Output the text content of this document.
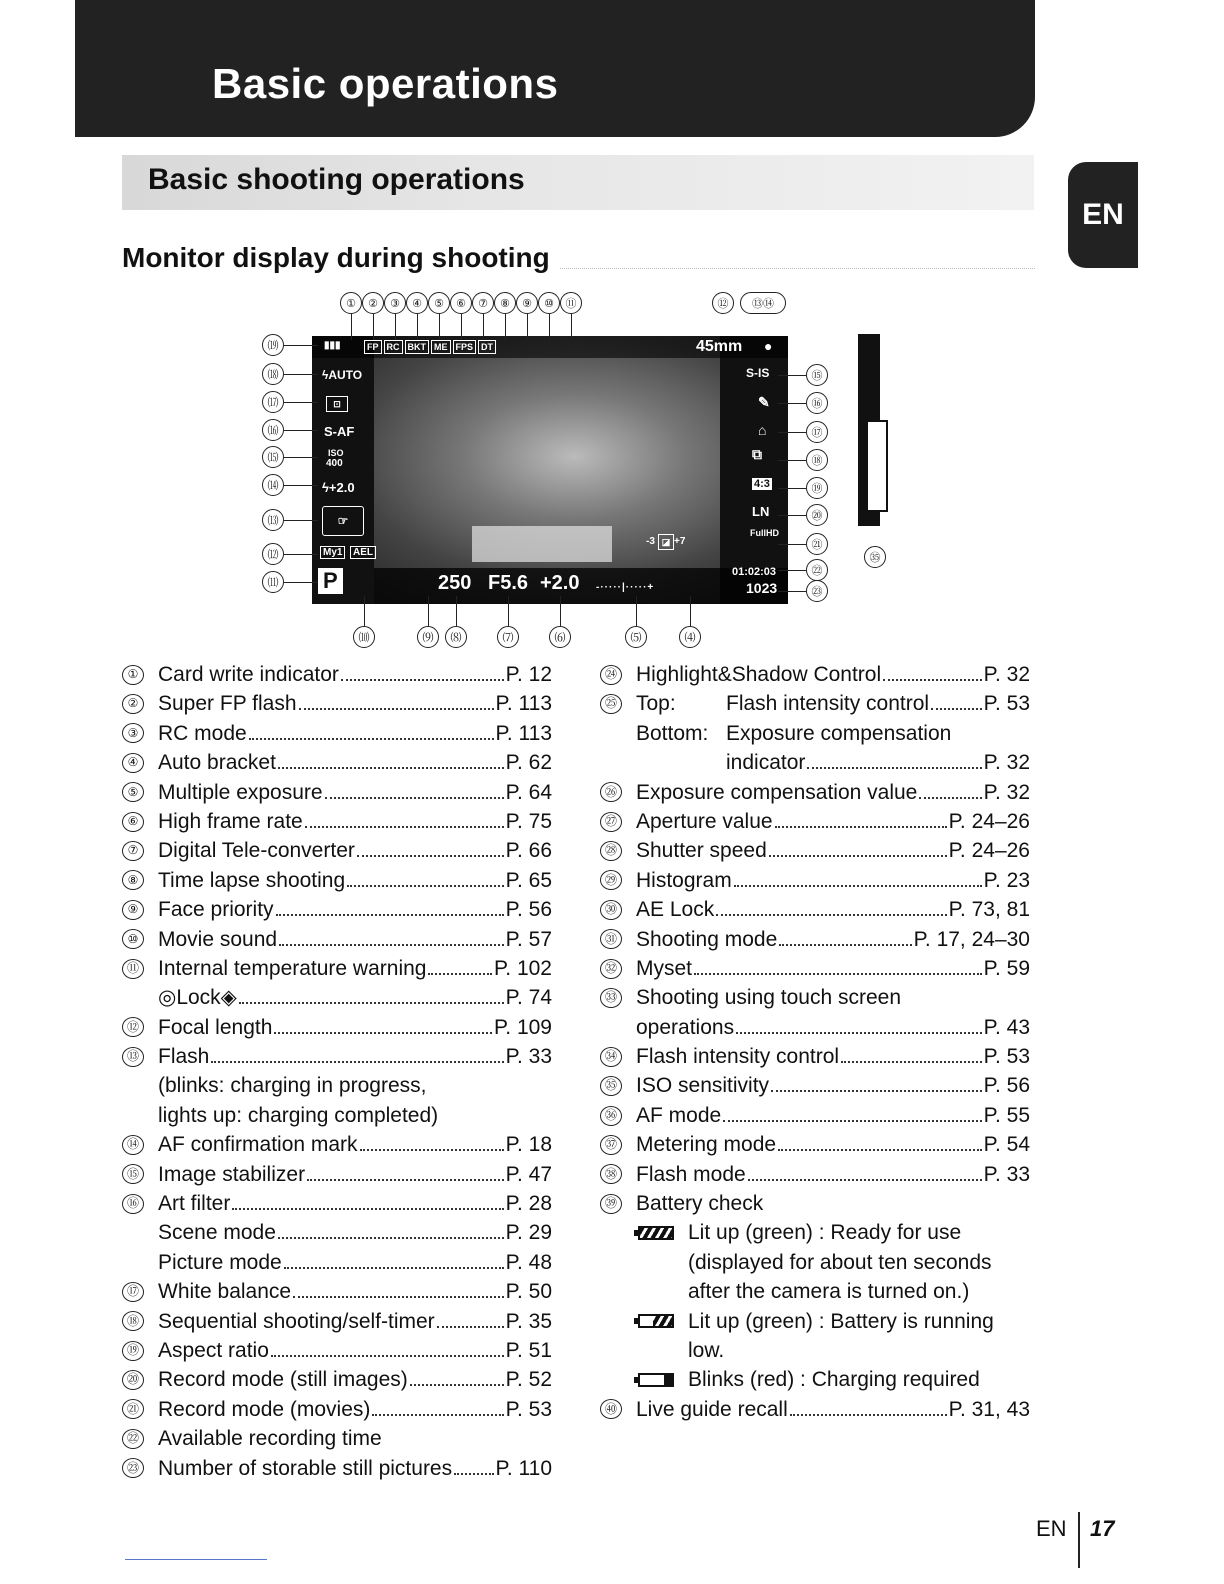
Basic operations
Basic shooting operations
EN
Monitor display during shooting
▮▮▮	FP RC BKT ME FPS DT	45mm ●
ϟAUTO
⊡
S-AF
ISO
400
ϟ+2.0
☞
My1	AEL
P	250 F5.6 +2.0 -·····|·····+
-3 ◪ +7
S-IS
✎
⌂
⧉
4:3
LN
FullHD
01:02:03
1023
①	②	③	④	⑤	⑥	⑦	⑧	⑨	⑩	⑪
⒆
⒅
⒄
⒃
⒂
⒁
⒀
⑿
⑾
⑮
⑯
⑰
⑱
⑲
⑳
㉑
㉒
㉓
⑽	⑼	⑻	⑺	⑹	⑸	⑷
⑫	⑬⑭
㉟
① Card write indicator	P. 12
② Super FP flash	P. 113
③ RC mode	P. 113
④ Auto bracket	P. 62
⑤ Multiple exposure	P. 64
⑥ High frame rate	P. 75
⑦ Digital Tele-converter	P. 66
⑧ Time lapse shooting	P. 65
⑨ Face priority	P. 56
⑩ Movie sound	P. 57
⑪ Internal temperature warning	P. 102
◎Lock◈	P. 74
⑫ Focal length	P. 109
⑬ Flash	P. 33
(blinks: charging in progress,
lights up: charging completed)
⑭ AF confirmation mark	P. 18
⑮ Image stabilizer	P. 47
⑯ Art filter	P. 28
Scene mode	P. 29
Picture mode	P. 48
⑰ White balance	P. 50
⑱ Sequential shooting/self-timer	P. 35
⑲ Aspect ratio	P. 51
⑳ Record mode (still images)	P. 52
㉑ Record mode (movies)	P. 53
㉒ Available recording time
㉓ Number of storable still pictures P. 110
㉔ Highlight&Shadow Control	P. 32
㉕ Top:	Flash intensity control	P. 53
Bottom: Exposure compensation
indicator	P. 32
㉖ Exposure compensation value	P. 32
㉗ Aperture value	P. 24–26
㉘ Shutter speed	P. 24–26
㉙ Histogram	P. 23
㉚ AE Lock	P. 73, 81
㉛ Shooting mode	P. 17, 24–30
㉜ Myset	P. 59
㉝ Shooting using touch screen
operations	P. 43
㉞ Flash intensity control	P. 53
㉟ ISO sensitivity	P. 56
㊱ AF mode	P. 55
㊲ Metering mode	P. 54
㊳ Flash mode	P. 33
㊴ Battery check
Lit up (green) : Ready for use
(displayed for about ten seconds
after the camera is turned on.)
Lit up (green) : Battery is running
low.
Blinks (red) : Charging required
㊵ Live guide recall	P. 31, 43
EN 17
